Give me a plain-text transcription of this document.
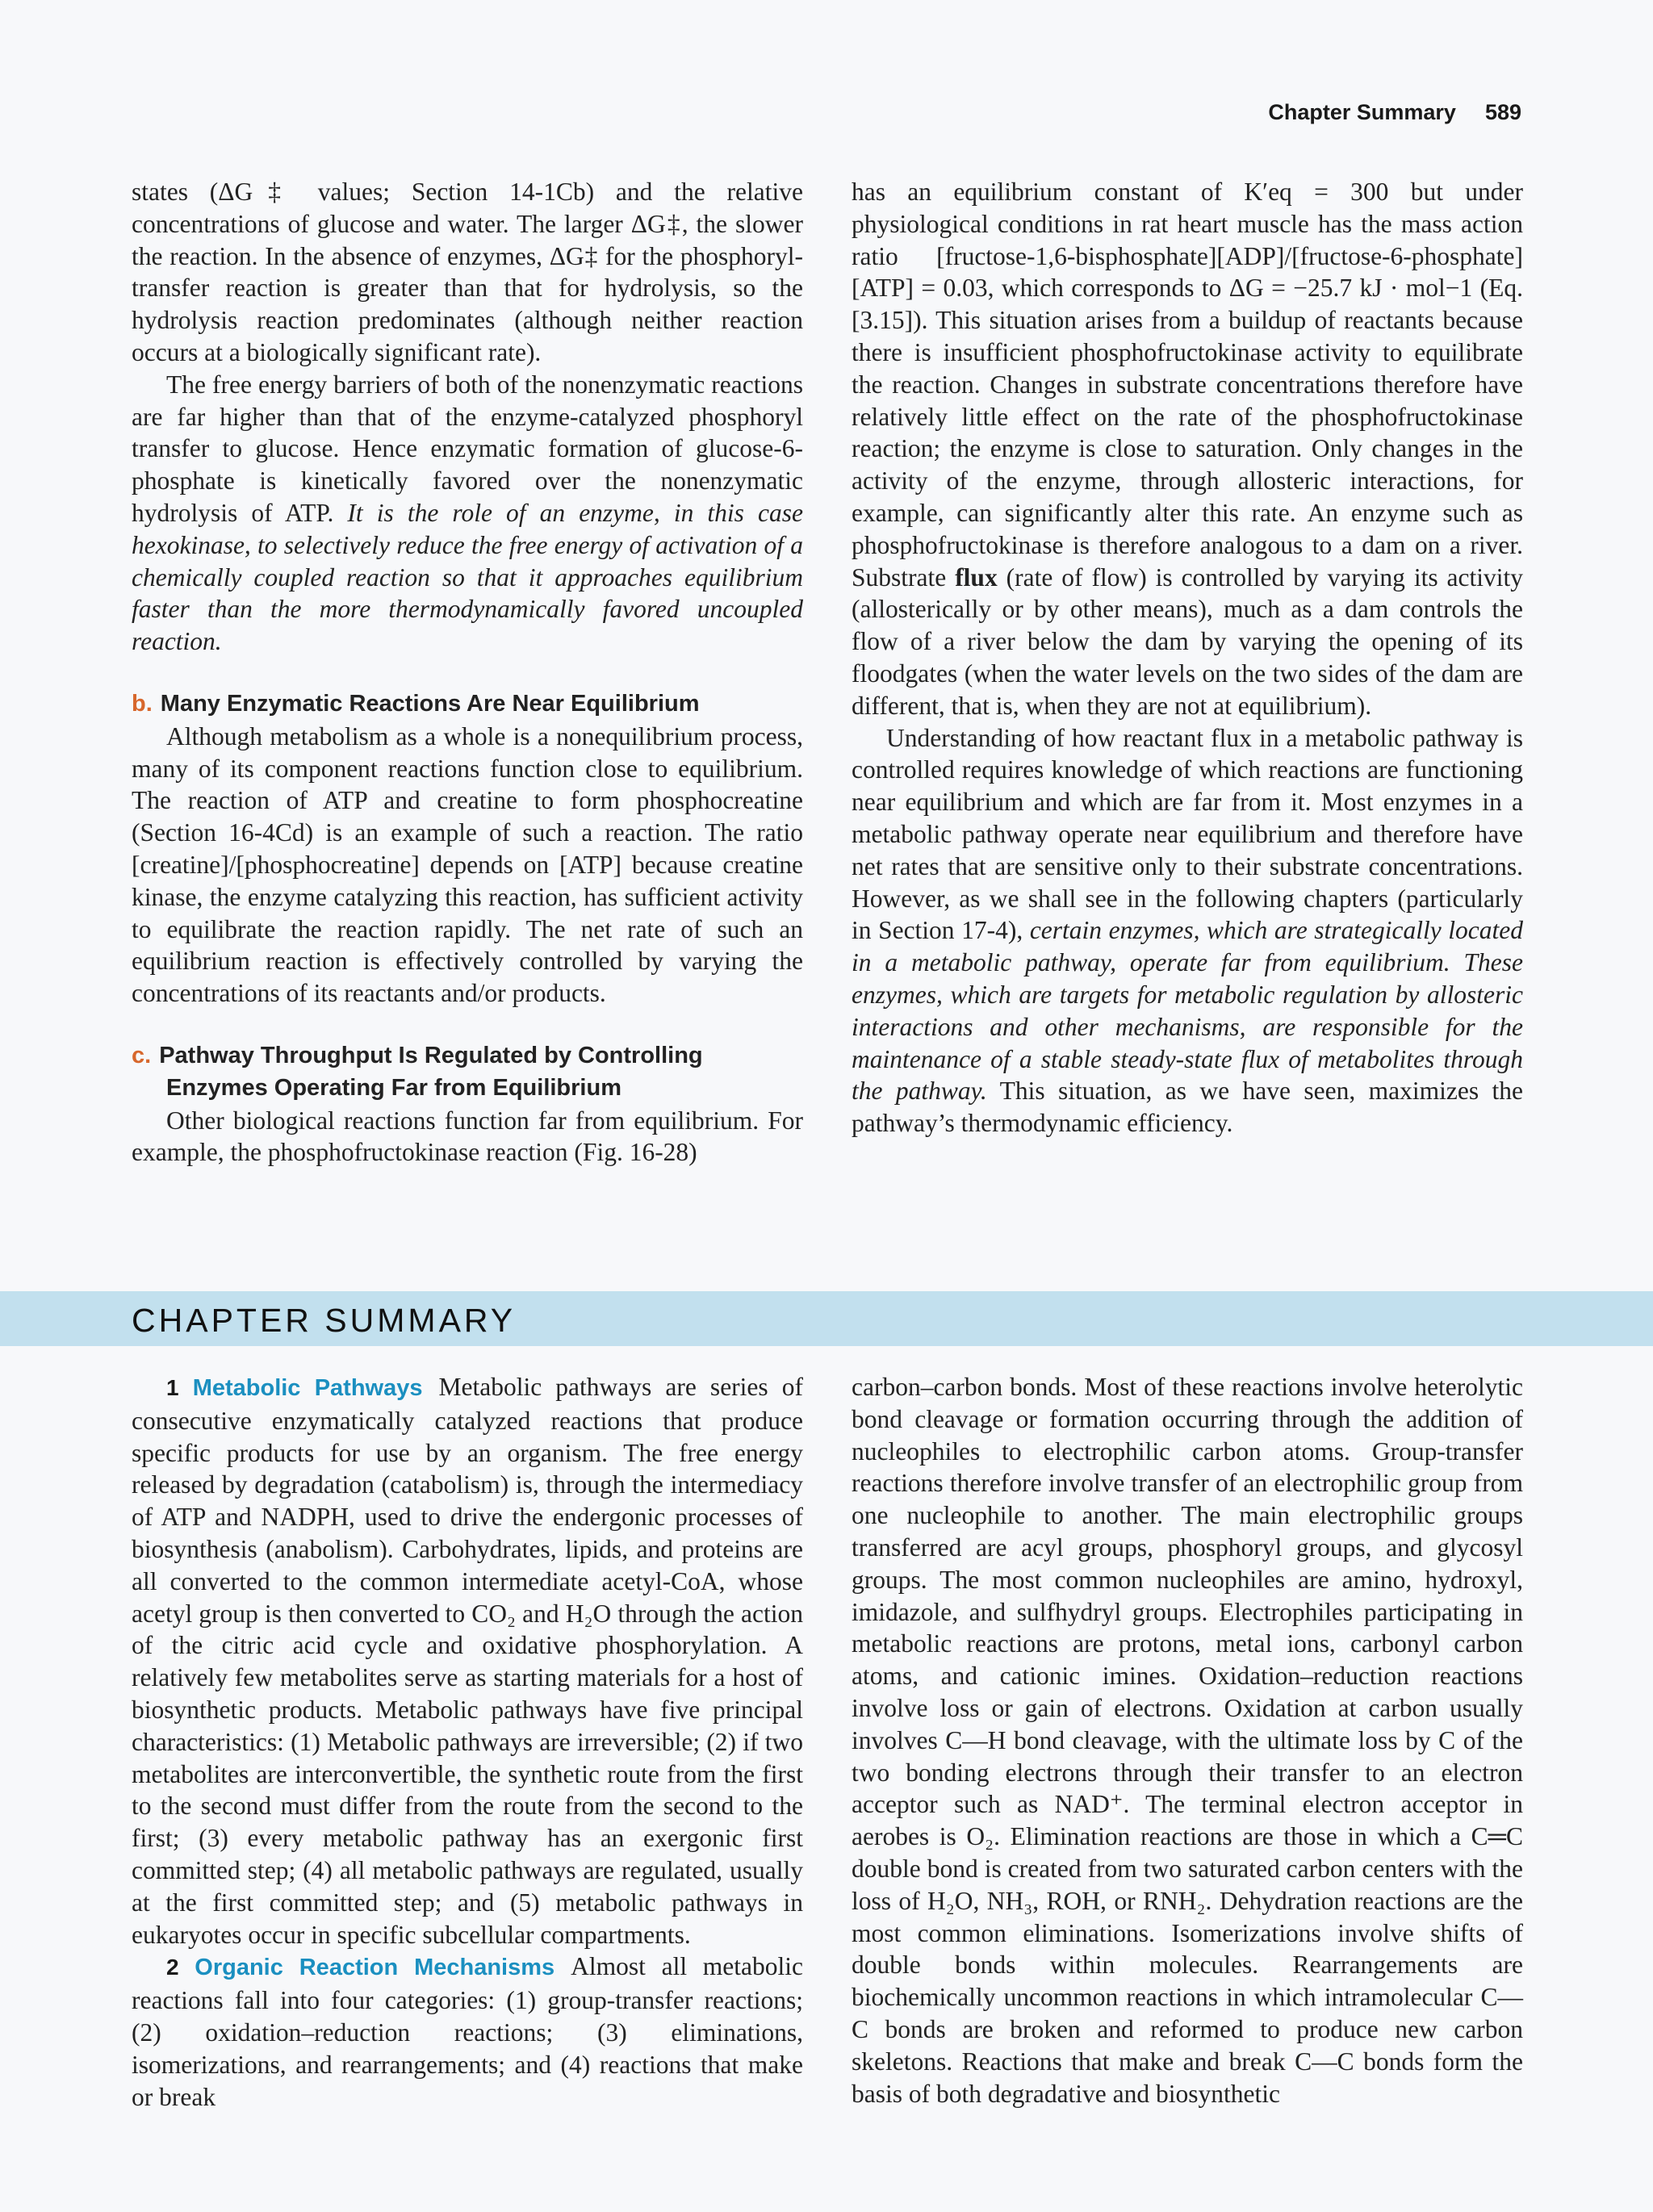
Chapter Summary 589

states (ΔG‡ values; Section 14-1Cb) and the relative concentrations of glucose and water. The larger ΔG‡, the slower the reaction. In the absence of enzymes, ΔG‡ for the phosphoryl-transfer reaction is greater than that for hydrolysis, so the hydrolysis reaction predominates (although neither reaction occurs at a biologically significant rate).

The free energy barriers of both of the nonenzymatic reactions are far higher than that of the enzyme-catalyzed phosphoryl transfer to glucose. Hence enzymatic formation of glucose-6-phosphate is kinetically favored over the nonenzymatic hydrolysis of ATP. It is the role of an enzyme, in this case hexokinase, to selectively reduce the free energy of activation of a chemically coupled reaction so that it approaches equilibrium faster than the more thermodynamically favored uncoupled reaction.

b. Many Enzymatic Reactions Are Near Equilibrium

Although metabolism as a whole is a nonequilibrium process, many of its component reactions function close to equilibrium. The reaction of ATP and creatine to form phosphocreatine (Section 16-4Cd) is an example of such a reaction. The ratio [creatine]/[phosphocreatine] depends on [ATP] because creatine kinase, the enzyme catalyzing this reaction, has sufficient activity to equilibrate the reaction rapidly. The net rate of such an equilibrium reaction is effectively controlled by varying the concentrations of its reactants and/or products.

c. Pathway Throughput Is Regulated by Controlling Enzymes Operating Far from Equilibrium

Other biological reactions function far from equilibrium. For example, the phosphofructokinase reaction (Fig. 16-28)

has an equilibrium constant of K′eq = 300 but under physiological conditions in rat heart muscle has the mass action ratio [fructose-1,6-bisphosphate][ADP]/[fructose-6-phosphate][ATP] = 0.03, which corresponds to ΔG = −25.7 kJ · mol−1 (Eq. [3.15]). This situation arises from a buildup of reactants because there is insufficient phosphofructokinase activity to equilibrate the reaction. Changes in substrate concentrations therefore have relatively little effect on the rate of the phosphofructokinase reaction; the enzyme is close to saturation. Only changes in the activity of the enzyme, through allosteric interactions, for example, can significantly alter this rate. An enzyme such as phosphofructokinase is therefore analogous to a dam on a river. Substrate flux (rate of flow) is controlled by varying its activity (allosterically or by other means), much as a dam controls the flow of a river below the dam by varying the opening of its floodgates (when the water levels on the two sides of the dam are different, that is, when they are not at equilibrium).

Understanding of how reactant flux in a metabolic pathway is controlled requires knowledge of which reactions are functioning near equilibrium and which are far from it. Most enzymes in a metabolic pathway operate near equilibrium and therefore have net rates that are sensitive only to their substrate concentrations. However, as we shall see in the following chapters (particularly in Section 17-4), certain enzymes, which are strategically located in a metabolic pathway, operate far from equilibrium. These enzymes, which are targets for metabolic regulation by allosteric interactions and other mechanisms, are responsible for the maintenance of a stable steady-state flux of metabolites through the pathway. This situation, as we have seen, maximizes the pathway’s thermodynamic efficiency.

CHAPTER SUMMARY

1 Metabolic Pathways Metabolic pathways are series of consecutive enzymatically catalyzed reactions that produce specific products for use by an organism. The free energy released by degradation (catabolism) is, through the intermediacy of ATP and NADPH, used to drive the endergonic processes of biosynthesis (anabolism). Carbohydrates, lipids, and proteins are all converted to the common intermediate acetyl-CoA, whose acetyl group is then converted to CO₂ and H₂O through the action of the citric acid cycle and oxidative phosphorylation. A relatively few metabolites serve as starting materials for a host of biosynthetic products. Metabolic pathways have five principal characteristics: (1) Metabolic pathways are irreversible; (2) if two metabolites are interconvertible, the synthetic route from the first to the second must differ from the route from the second to the first; (3) every metabolic pathway has an exergonic first committed step; (4) all metabolic pathways are regulated, usually at the first committed step; and (5) metabolic pathways in eukaryotes occur in specific subcellular compartments.

2 Organic Reaction Mechanisms Almost all metabolic reactions fall into four categories: (1) group-transfer reactions; (2) oxidation–reduction reactions; (3) eliminations, isomerizations, and rearrangements; and (4) reactions that make or break

carbon–carbon bonds. Most of these reactions involve heterolytic bond cleavage or formation occurring through the addition of nucleophiles to electrophilic carbon atoms. Group-transfer reactions therefore involve transfer of an electrophilic group from one nucleophile to another. The main electrophilic groups transferred are acyl groups, phosphoryl groups, and glycosyl groups. The most common nucleophiles are amino, hydroxyl, imidazole, and sulfhydryl groups. Electrophiles participating in metabolic reactions are protons, metal ions, carbonyl carbon atoms, and cationic imines. Oxidation–reduction reactions involve loss or gain of electrons. Oxidation at carbon usually involves C—H bond cleavage, with the ultimate loss by C of the two bonding electrons through their transfer to an electron acceptor such as NAD⁺. The terminal electron acceptor in aerobes is O₂. Elimination reactions are those in which a C═C double bond is created from two saturated carbon centers with the loss of H₂O, NH₃, ROH, or RNH₂. Dehydration reactions are the most common eliminations. Isomerizations involve shifts of double bonds within molecules. Rearrangements are biochemically uncommon reactions in which intramolecular C—C bonds are broken and reformed to produce new carbon skeletons. Reactions that make and break C—C bonds form the basis of both degradative and biosynthetic
